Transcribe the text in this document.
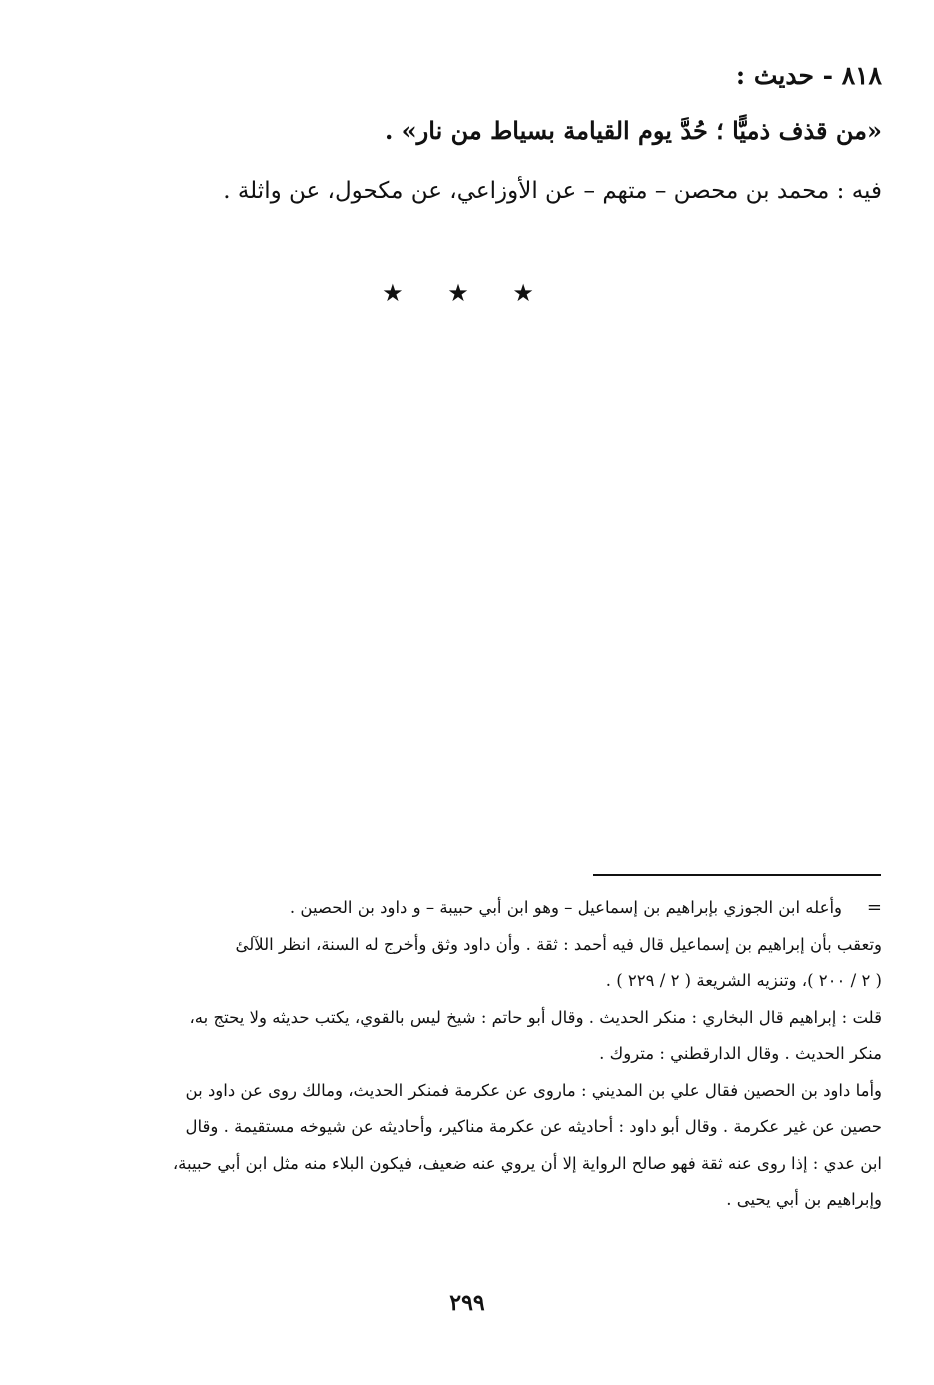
٨١٨ - حديث :
«من قذف ذميًّا ؛ حُدَّ يوم القيامة بسياط من نار» .
فيه : محمد بن محصن – متهم – عن الأوزاعي، عن مكحول، عن واثلة .
★ ★ ★
=
وأعله ابن الجوزي بإبراهيم بن إسماعيل – وهو ابن أبي حبيبة – و داود بن الحصين .
وتعقب بأن إبراهيم بن إسماعيل قال فيه أحمد : ثقة . وأن داود وثق وأخرج له السنة، انظر اللآلئ
( ٢ / ٢٠٠ )، وتنزيه الشريعة ( ٢ / ٢٢٩ ) .
قلت : إبراهيم قال البخاري : منكر الحديث . وقال أبو حاتم : شيخ ليس بالقوي، يكتب حديثه ولا يحتج به،
منكر الحديث . وقال الدارقطني : متروك .
وأما داود بن الحصين فقال علي بن المديني : ماروى عن عكرمة فمنكر الحديث، ومالك روى عن داود بن
حصين عن غير عكرمة . وقال أبو داود : أحاديثه عن عكرمة مناكير، وأحاديثه عن شيوخه مستقيمة . وقال
ابن عدي : إذا روى عنه ثقة فهو صالح الرواية إلا أن يروي عنه ضعيف، فيكون البلاء منه مثل ابن أبي حبيبة،
وإبراهيم بن أبي يحيى .
٢٩٩
